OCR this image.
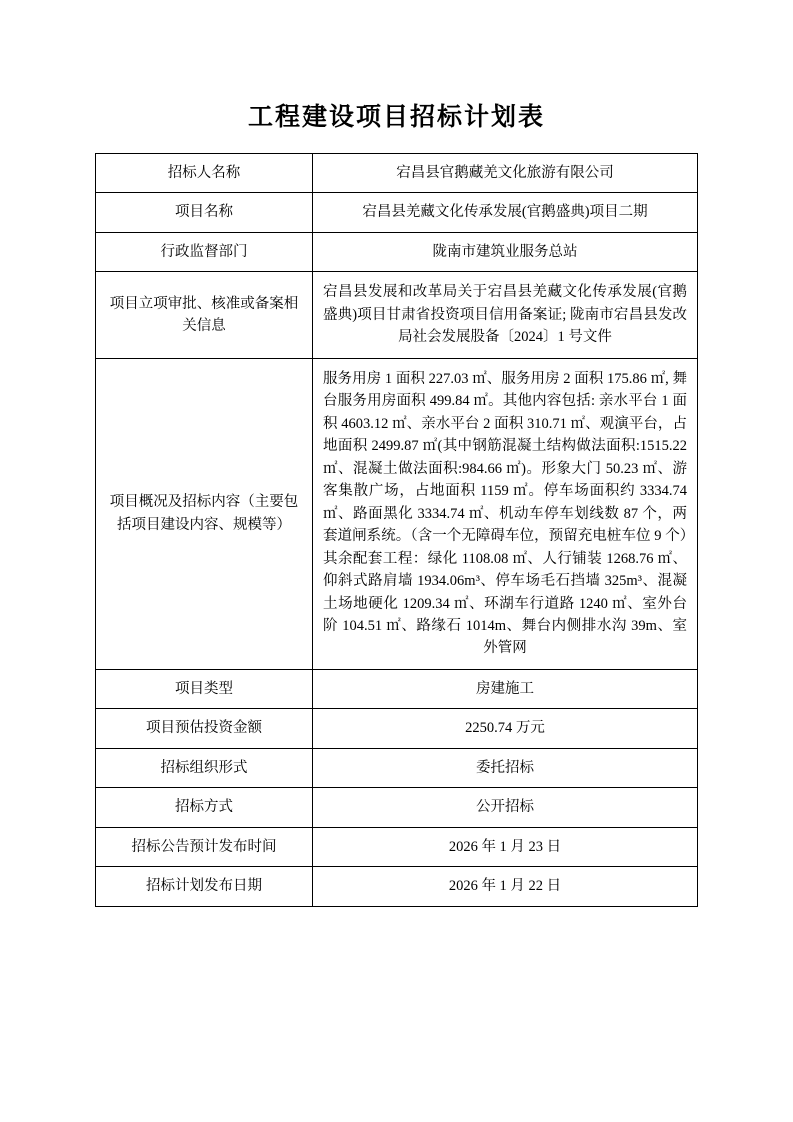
工程建设项目招标计划表
招标人名称	宕昌县官鹅藏羌文化旅游有限公司
项目名称	宕昌县羌藏文化传承发展(官鹅盛典)项目二期
行政监督部门	陇南市建筑业服务总站
项目立项审批、核准或备案相关信息	宕昌县发展和改革局关于宕昌县羌藏文化传承发展(官鹅盛典)项目甘肃省投资项目信用备案证; 陇南市宕昌县发改局社会发展股备〔2024〕1 号文件
项目概况及招标内容（主要包括项目建设内容、规模等）	服务用房 1 面积 227.03 ㎡、服务用房 2 面积 175.86 ㎡, 舞台服务用房面积 499.84 ㎡。其他内容包括: 亲水平台 1 面积 4603.12 ㎡、亲水平台 2 面积 310.71 ㎡、观演平台，占地面积 2499.87 ㎡(其中钢筋混凝土结构做法面积:1515.22 ㎡、混凝土做法面积:984.66 ㎡)。形象大门 50.23 ㎡、游客集散广场，占地面积 1159 ㎡。停车场面积约 3334.74 ㎡、路面黑化 3334.74 ㎡、机动车停车划线数 87 个，两套道闸系统。（含一个无障碍车位，预留充电桩车位 9 个）其余配套工程：绿化 1108.08 ㎡、人行铺装 1268.76 ㎡、仰斜式路肩墙 1934.06m³、停车场毛石挡墙 325m³、混凝土场地硬化 1209.34 ㎡、环湖车行道路 1240 ㎡、室外台阶 104.51 ㎡、路缘石 1014m、舞台内侧排水沟 39m、室外管网
项目类型	房建施工
项目预估投资金额	2250.74 万元
招标组织形式	委托招标
招标方式	公开招标
招标公告预计发布时间	2026 年 1 月 23 日
招标计划发布日期	2026 年 1 月 22 日
